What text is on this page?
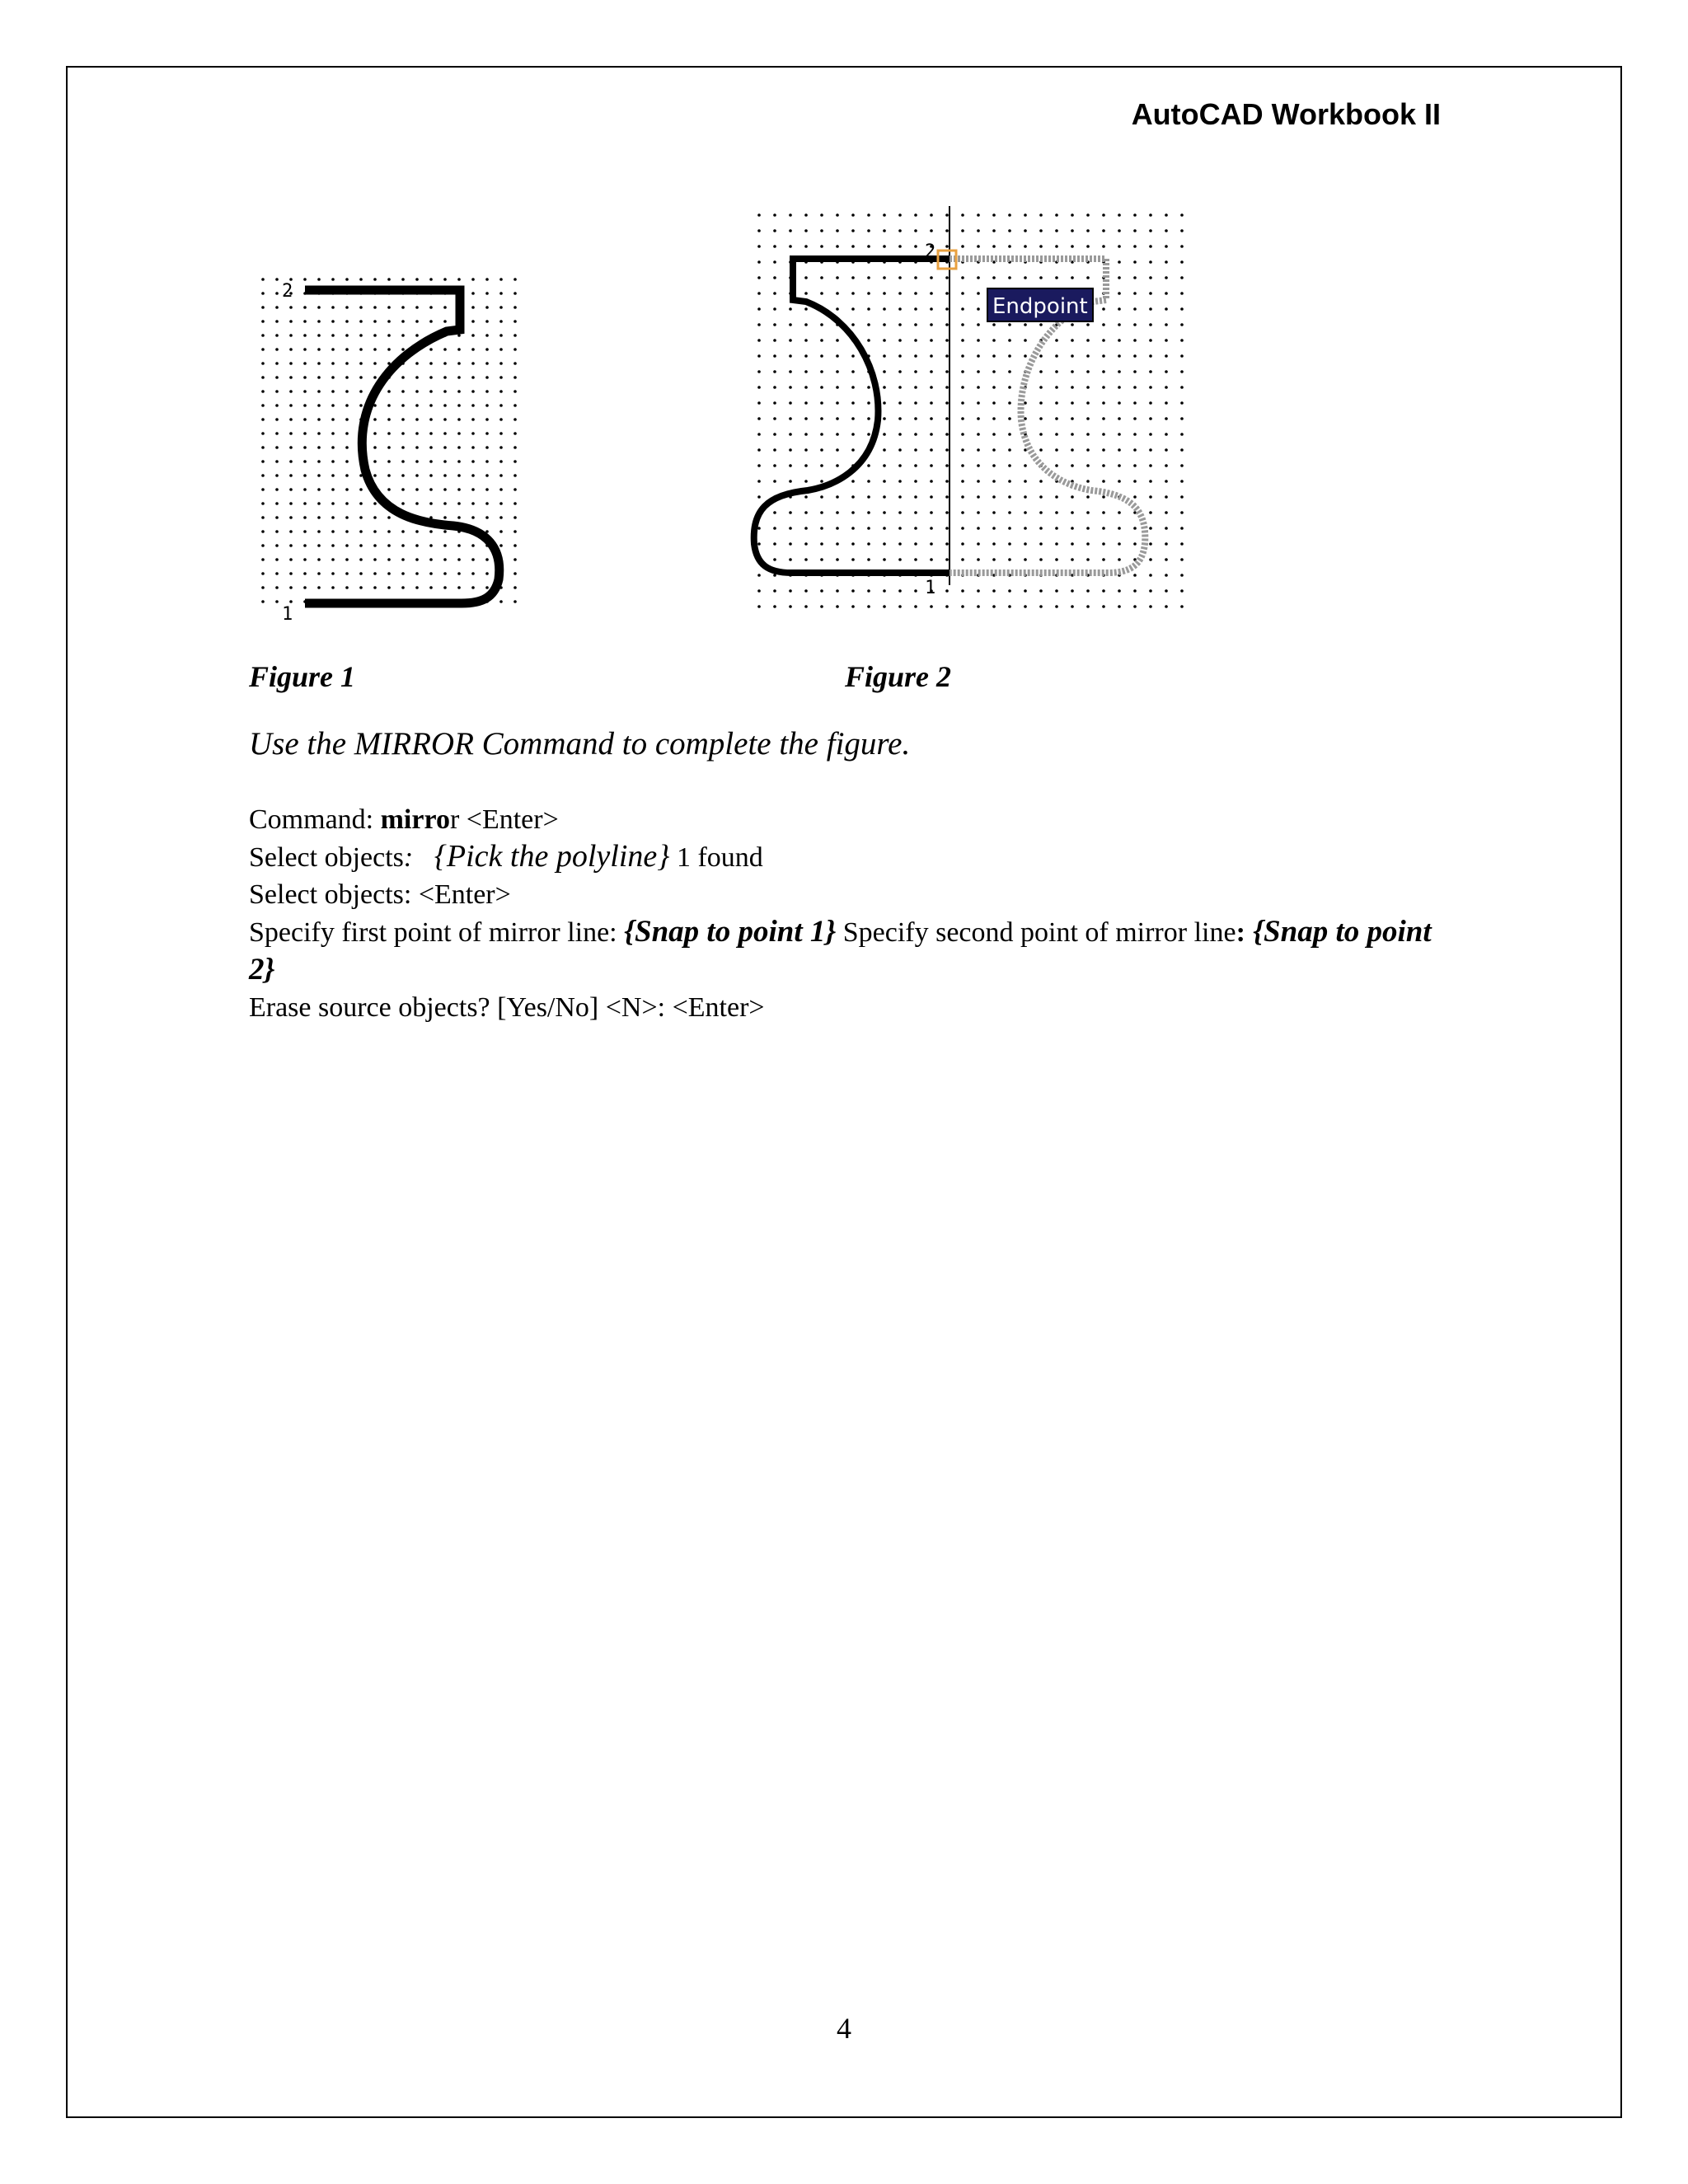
AutoCAD Workbook II
2
1
Endpoint
2
1
Figure 1	Figure 2
Use the MIRROR Command to complete the figure.

Command: mirror <Enter>

Select objects: {Pick the polyline} 1 found

Select objects: <Enter>

Specify first point of mirror line: {Snap to point 1} Specify second point of mirror line: {Snap to point 2}

Erase source objects? [Yes/No] <N>: <Enter>

4
